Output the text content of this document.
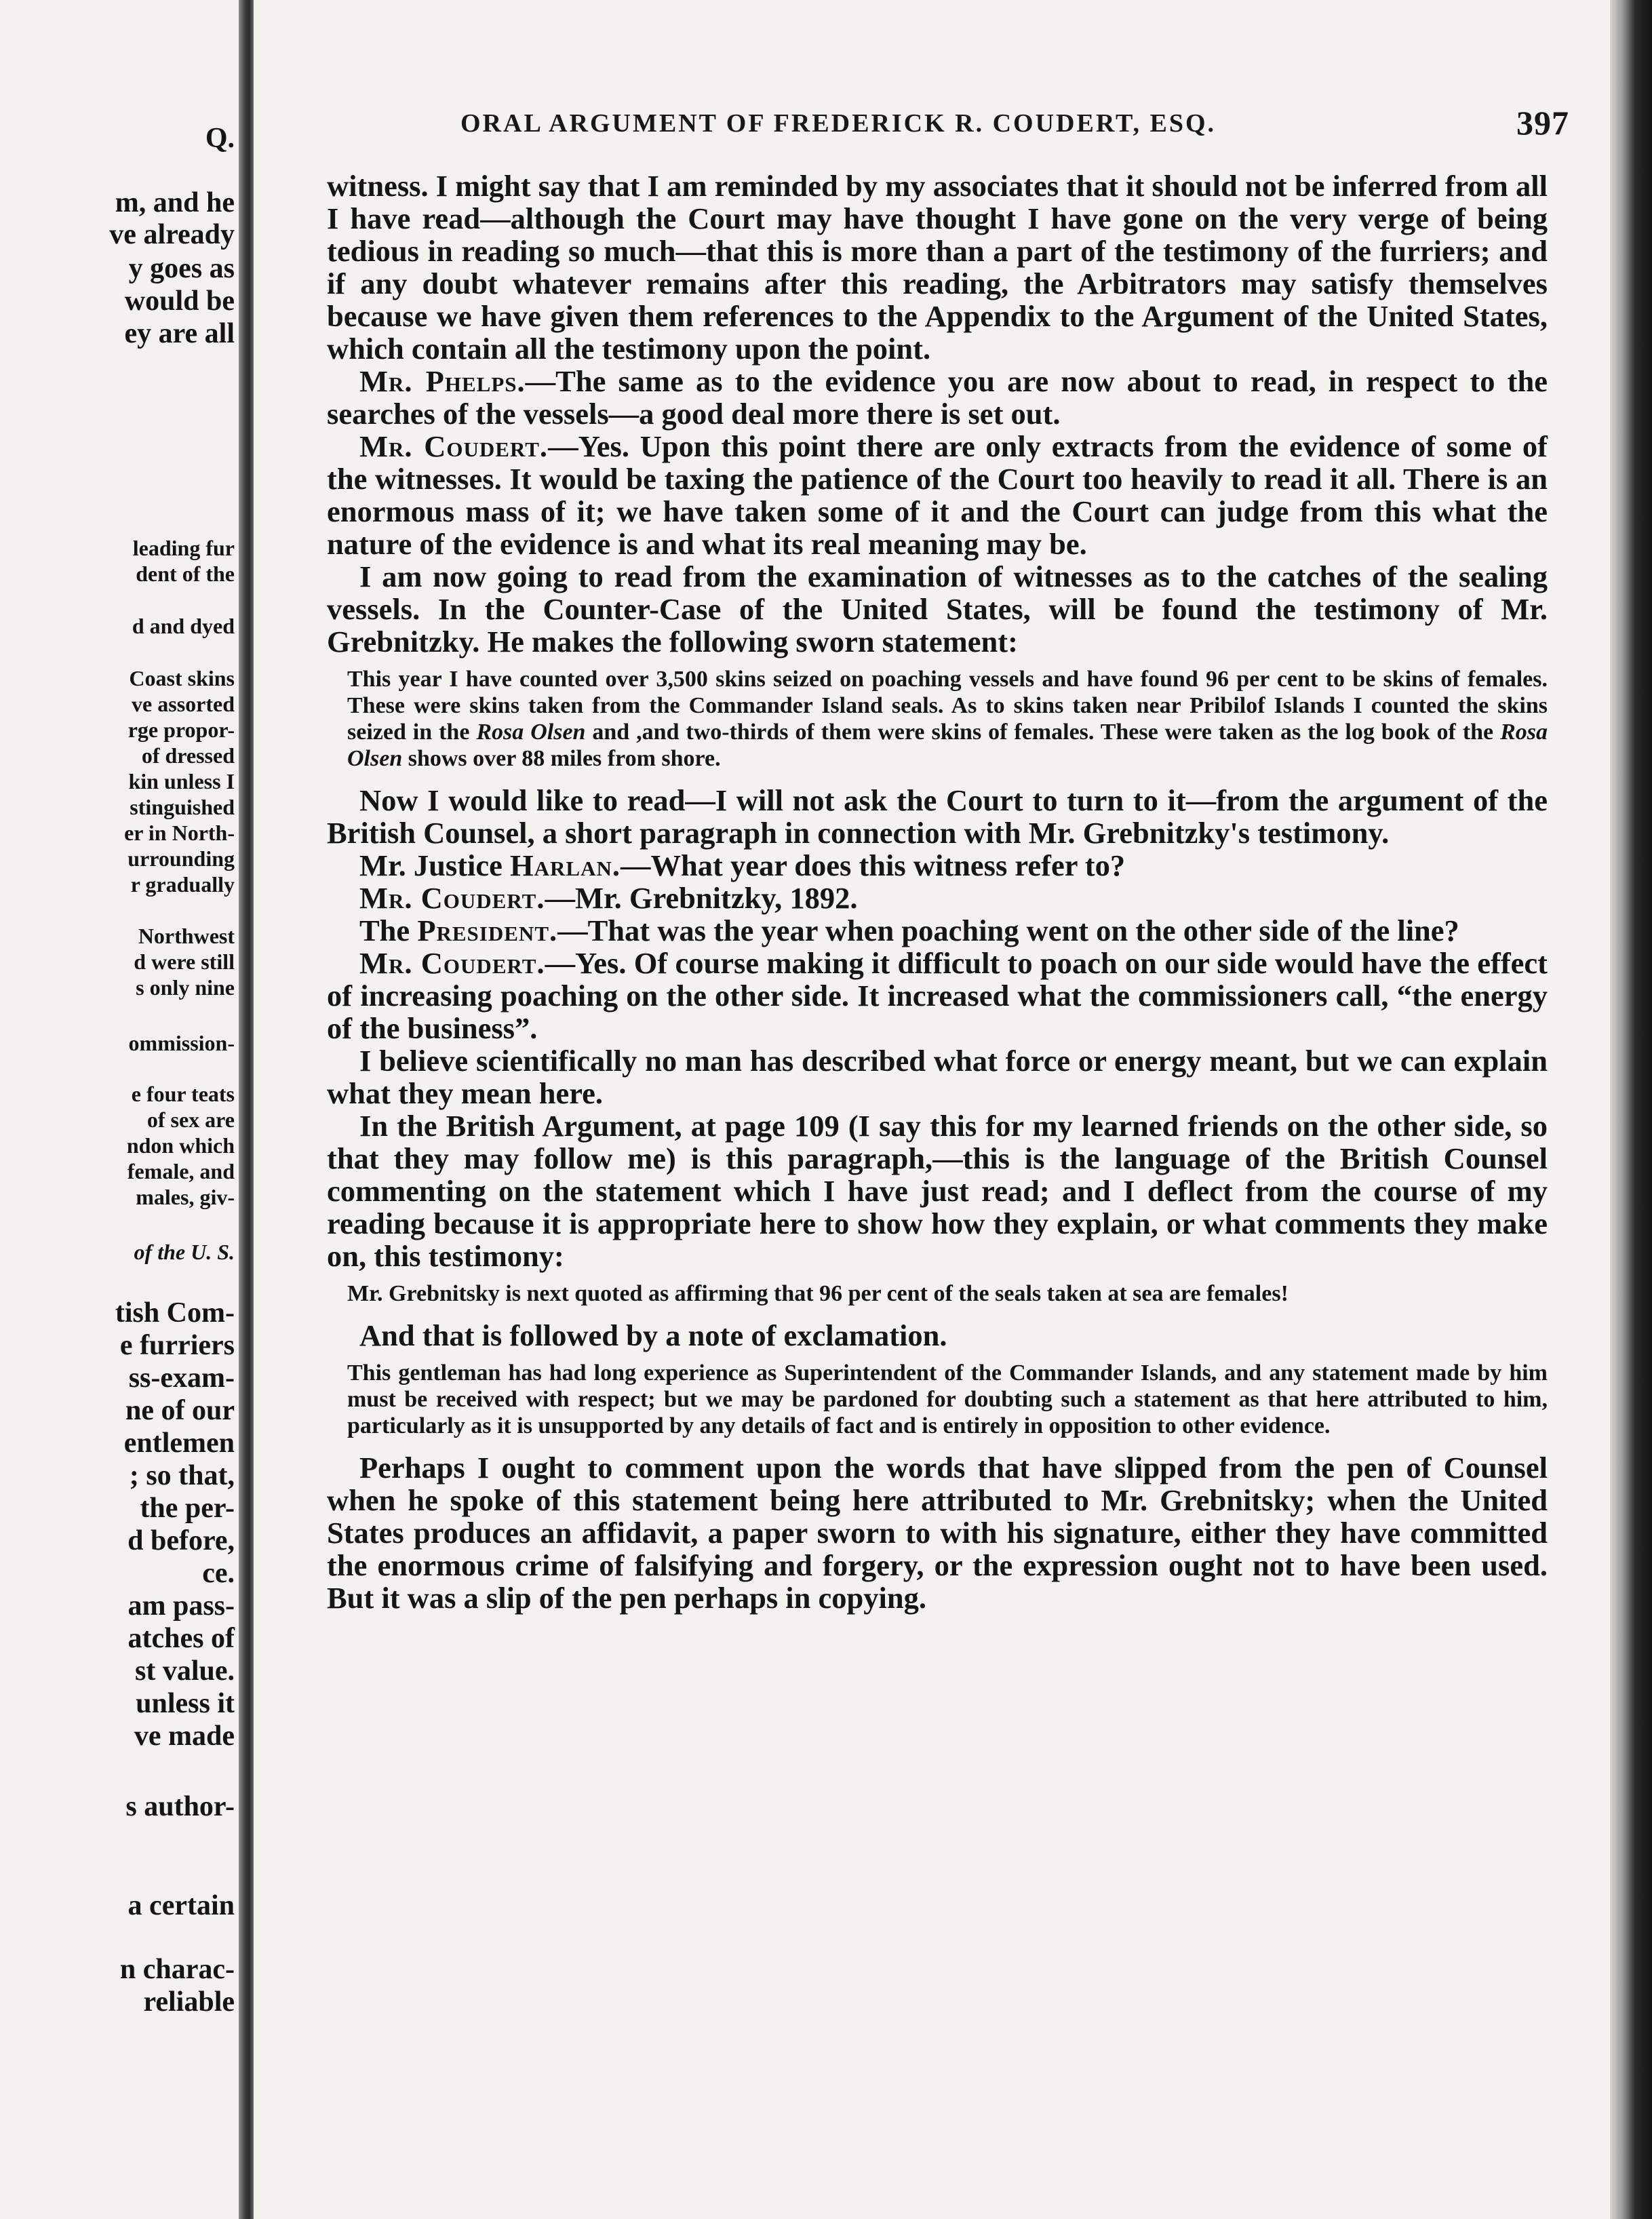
Q.
m, and he
ve already
y goes as
would be
ey are all
leading fur
dent of the
d and dyed
Coast skins
ve assorted
rge propor-
of dressed
kin unless I
stinguished
er in North-
urrounding
r gradually
Northwest
d were still
s only nine
ommission-
e four teats
of sex are
ndon which
female, and
males, giv-
of the U. S.
tish Com-
e furriers
ss-exam-
ne of our
entlemen
; so that,
the per-
d before,
ce.
am pass-
atches of
st value.
unless it
ve made
s author-
a certain
n charac-
reliable
ORAL ARGUMENT OF FREDERICK R. COUDERT, ESQ.	397

witness. I might say that I am reminded by my associates that it should not be inferred from all I have read—although the Court may have thought I have gone on the very verge of being tedious in reading so much—that this is more than a part of the testimony of the furriers; and if any doubt whatever remains after this reading, the Arbitrators may satisfy themselves because we have given them references to the Appendix to the Argument of the United States, which contain all the testimony upon the point.

Mr. Phelps.—The same as to the evidence you are now about to read, in respect to the searches of the vessels—a good deal more there is set out.

Mr. Coudert.—Yes. Upon this point there are only extracts from the evidence of some of the witnesses. It would be taxing the patience of the Court too heavily to read it all. There is an enormous mass of it; we have taken some of it and the Court can judge from this what the nature of the evidence is and what its real meaning may be.

I am now going to read from the examination of witnesses as to the catches of the sealing vessels. In the Counter-Case of the United States, will be found the testimony of Mr. Grebnitzky. He makes the following sworn statement:

This year I have counted over 3,500 skins seized on poaching vessels and have found 96 per cent to be skins of females. These were skins taken from the Commander Island seals. As to skins taken near Pribilof Islands I counted the skins seized in the Rosa Olsen and ,and two-thirds of them were skins of females. These were taken as the log book of the Rosa Olsen shows over 88 miles from shore.

Now I would like to read—I will not ask the Court to turn to it—from the argument of the British Counsel, a short paragraph in connection with Mr. Grebnitzky's testimony.

Mr. Justice Harlan.—What year does this witness refer to?

Mr. Coudert.—Mr. Grebnitzky, 1892.

The President.—That was the year when poaching went on the other side of the line?

Mr. Coudert.—Yes. Of course making it difficult to poach on our side would have the effect of increasing poaching on the other side. It increased what the commissioners call, “the energy of the business”.

I believe scientifically no man has described what force or energy meant, but we can explain what they mean here.

In the British Argument, at page 109 (I say this for my learned friends on the other side, so that they may follow me) is this paragraph,—this is the language of the British Counsel commenting on the statement which I have just read; and I deflect from the course of my reading because it is appropriate here to show how they explain, or what comments they make on, this testimony:

Mr. Grebnitsky is next quoted as affirming that 96 per cent of the seals taken at sea are females!

And that is followed by a note of exclamation.

This gentleman has had long experience as Superintendent of the Commander Islands, and any statement made by him must be received with respect; but we may be pardoned for doubting such a statement as that here attributed to him, particularly as it is unsupported by any details of fact and is entirely in opposition to other evidence.

Perhaps I ought to comment upon the words that have slipped from the pen of Counsel when he spoke of this statement being here attributed to Mr. Grebnitsky; when the United States produces an affidavit, a paper sworn to with his signature, either they have committed the enormous crime of falsifying and forgery, or the expression ought not to have been used. But it was a slip of the pen perhaps in copying.
